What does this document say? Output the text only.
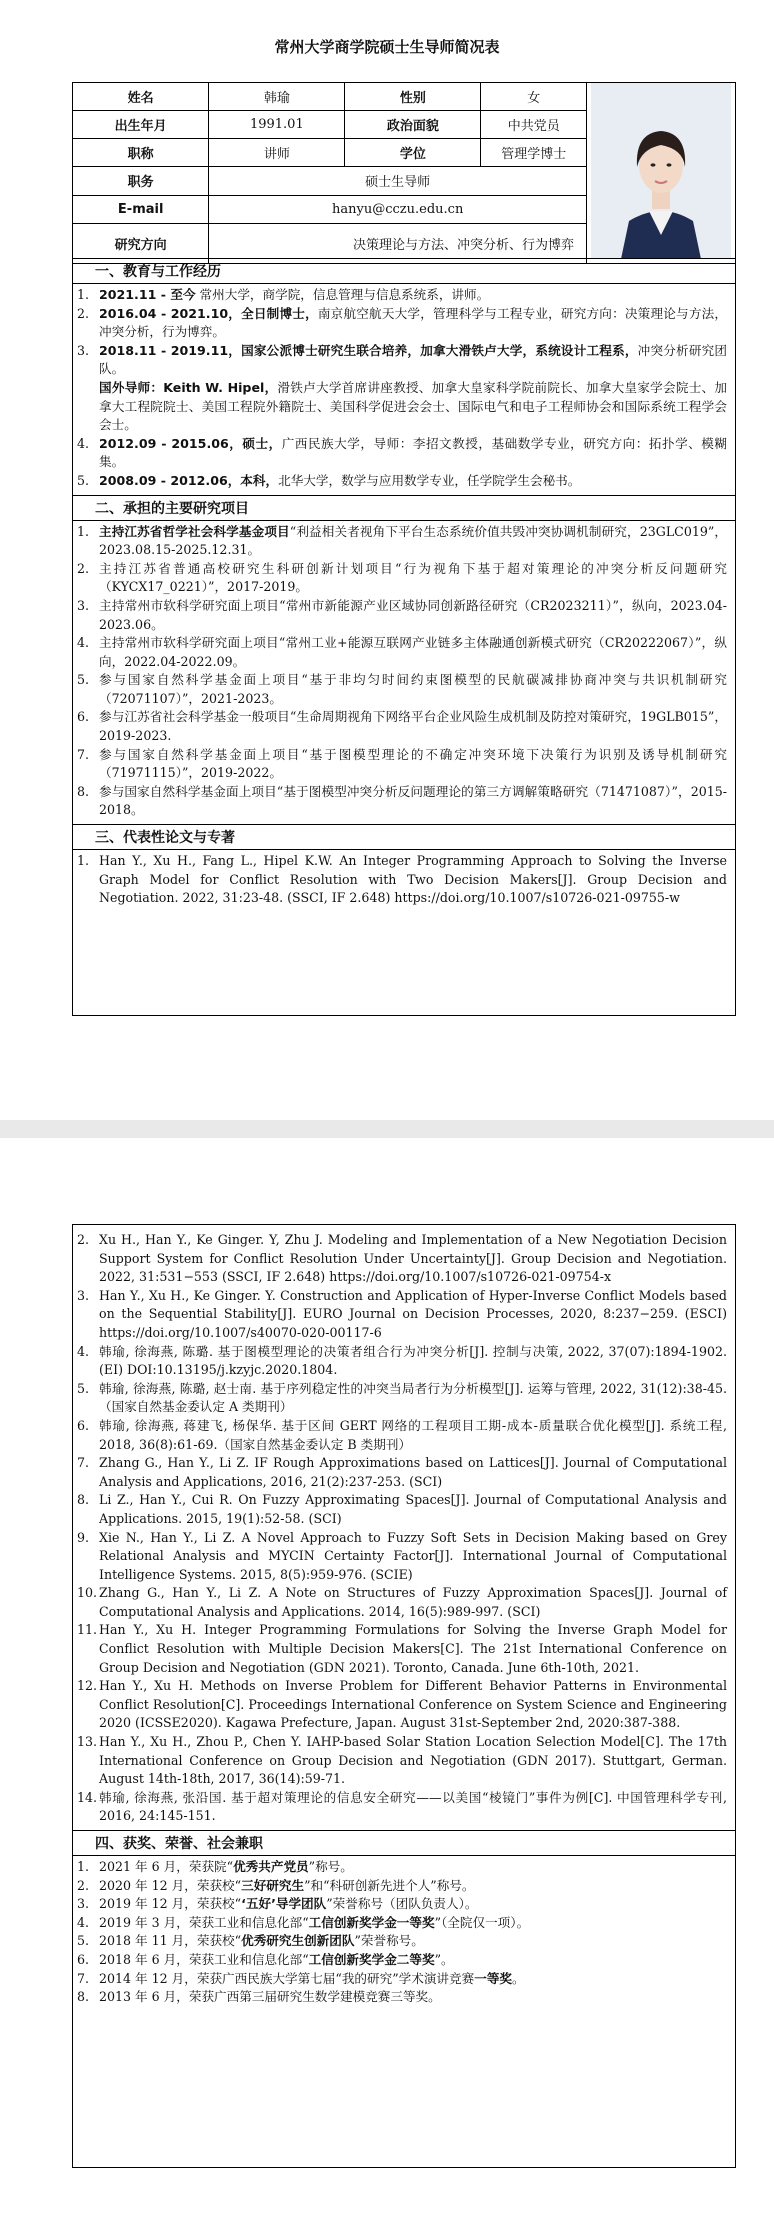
常州大学商学院硕士生导师简况表
姓名	韩瑜	性别	女	
出生年月	1991.01	政治面貌	中共党员	
职称	讲师	学位	管理学博士	
职务	硕士生导师			
E-mail	hanyu@cczu.edu.cn			
研究方向	决策理论与方法、冲突分析、行为博弈			
一、教育与工作经历
1. 2021.11 - 至今 常州大学，商学院，信息管理与信息系统系，讲师。
2. 2016.04 - 2021.10，全日制博士，南京航空航天大学，管理科学与工程专业，研究方向：决策理论与方法，冲突分析，行为博弈。
3. 2018.11 - 2019.11，国家公派博士研究生联合培养，加拿大滑铁卢大学，系统设计工程系，冲突分析研究团队。
国外导师：Keith W. Hipel，滑铁卢大学首席讲座教授、加拿大皇家科学院前院长、加拿大皇家学会院士、加拿大工程院院士、美国工程院外籍院士、美国科学促进会会士、国际电气和电子工程师协会和国际系统工程学会会士。
4. 2012.09 - 2015.06，硕士，广西民族大学，导师：李招文教授，基础数学专业，研究方向：拓扑学、模糊集。
5. 2008.09 - 2012.06，本科，北华大学，数学与应用数学专业，任学院学生会秘书。
二、承担的主要研究项目
1. 主持江苏省哲学社会科学基金项目“利益相关者视角下平台生态系统价值共毁冲突协调机制研究，23GLC019”，2023.08.15-2025.12.31。
2. 主持江苏省普通高校研究生科研创新计划项目“行为视角下基于超对策理论的冲突分析反问题研究（KYCX17_0221）”，2017-2019。
3. 主持常州市软科学研究面上项目“常州市新能源产业区域协同创新路径研究（CR2023211）”，纵向，2023.04-2023.06。
4. 主持常州市软科学研究面上项目“常州工业+能源互联网产业链多主体融通创新模式研究（CR20222067）”，纵向，2022.04-2022.09。
5. 参与国家自然科学基金面上项目“基于非均匀时间约束图模型的民航碳减排协商冲突与共识机制研究（72071107）”，2021-2023。
6. 参与江苏省社会科学基金一般项目“生命周期视角下网络平台企业风险生成机制及防控对策研究，19GLB015”，2019-2023.
7. 参与国家自然科学基金面上项目“基于图模型理论的不确定冲突环境下决策行为识别及诱导机制研究（71971115）”，2019-2022。
8. 参与国家自然科学基金面上项目“基于图模型冲突分析反问题理论的第三方调解策略研究（71471087）”，2015-2018。
三、代表性论文与专著
1. Han Y., Xu H., Fang L., Hipel K.W. An Integer Programming Approach to Solving the Inverse Graph Model for Conflict Resolution with Two Decision Makers[J]. Group Decision and Negotiation. 2022, 31:23-48. (SSCI, IF 2.648) https://doi.org/10.1007/s10726-021-09755-w
2. Xu H., Han Y., Ke Ginger. Y, Zhu J. Modeling and Implementation of a New Negotiation Decision Support System for Conflict Resolution Under Uncertainty[J]. Group Decision and Negotiation. 2022, 31:531−553 (SSCI, IF 2.648) https://doi.org/10.1007/s10726-021-09754-x
3. Han Y., Xu H., Ke Ginger. Y. Construction and Application of Hyper-Inverse Conflict Models based on the Sequential Stability[J]. EURO Journal on Decision Processes, 2020, 8:237−259. (ESCI) https://doi.org/10.1007/s40070-020-00117-6
4. 韩瑜, 徐海燕, 陈璐. 基于图模型理论的决策者组合行为冲突分析[J]. 控制与决策, 2022, 37(07):1894-1902. (EI) DOI:10.13195/j.kzyjc.2020.1804.
5. 韩瑜, 徐海燕, 陈璐, 赵士南. 基于序列稳定性的冲突当局者行为分析模型[J]. 运筹与管理, 2022, 31(12):38-45.（国家自然基金委认定 A 类期刊）
6. 韩瑜, 徐海燕, 蒋建飞, 杨保华. 基于区间 GERT 网络的工程项目工期-成本-质量联合优化模型[J]. 系统工程, 2018, 36(8):61-69.（国家自然基金委认定 B 类期刊）
7. Zhang G., Han Y., Li Z. IF Rough Approximations based on Lattices[J]. Journal of Computational Analysis and Applications, 2016, 21(2):237-253. (SCI)
8. Li Z., Han Y., Cui R. On Fuzzy Approximating Spaces[J]. Journal of Computational Analysis and Applications. 2015, 19(1):52-58. (SCI)
9. Xie N., Han Y., Li Z. A Novel Approach to Fuzzy Soft Sets in Decision Making based on Grey Relational Analysis and MYCIN Certainty Factor[J]. International Journal of Computational Intelligence Systems. 2015, 8(5):959-976. (SCIE)
10. Zhang G., Han Y., Li Z. A Note on Structures of Fuzzy Approximation Spaces[J]. Journal of Computational Analysis and Applications. 2014, 16(5):989-997. (SCI)
11. Han Y., Xu H. Integer Programming Formulations for Solving the Inverse Graph Model for Conflict Resolution with Multiple Decision Makers[C]. The 21st International Conference on Group Decision and Negotiation (GDN 2021). Toronto, Canada. June 6th-10th, 2021.
12. Han Y., Xu H. Methods on Inverse Problem for Different Behavior Patterns in Environmental Conflict Resolution[C]. Proceedings International Conference on System Science and Engineering 2020 (ICSSE2020). Kagawa Prefecture, Japan. August 31st-September 2nd, 2020:387-388.
13. Han Y., Xu H., Zhou P., Chen Y. IAHP-based Solar Station Location Selection Model[C]. The 17th International Conference on Group Decision and Negotiation (GDN 2017). Stuttgart, German. August 14th-18th, 2017, 36(14):59-71.
14. 韩瑜, 徐海燕, 张沿国. 基于超对策理论的信息安全研究——以美国“棱镜门”事件为例[C]. 中国管理科学专刊, 2016, 24:145-151.
四、获奖、荣誉、社会兼职
1. 2021 年 6 月，荣获院“优秀共产党员”称号。
2. 2020 年 12 月，荣获校“三好研究生”和“科研创新先进个人”称号。
3. 2019 年 12 月，荣获校“‘五好’导学团队”荣誉称号（团队负责人）。
4. 2019 年 3 月，荣获工业和信息化部“工信创新奖学金一等奖”（全院仅一项）。
5. 2018 年 11 月，荣获校“优秀研究生创新团队”荣誉称号。
6. 2018 年 6 月，荣获工业和信息化部“工信创新奖学金二等奖”。
7. 2014 年 12 月，荣获广西民族大学第七届“我的研究”学术演讲竞赛一等奖。
8. 2013 年 6 月，荣获广西第三届研究生数学建模竞赛三等奖。
